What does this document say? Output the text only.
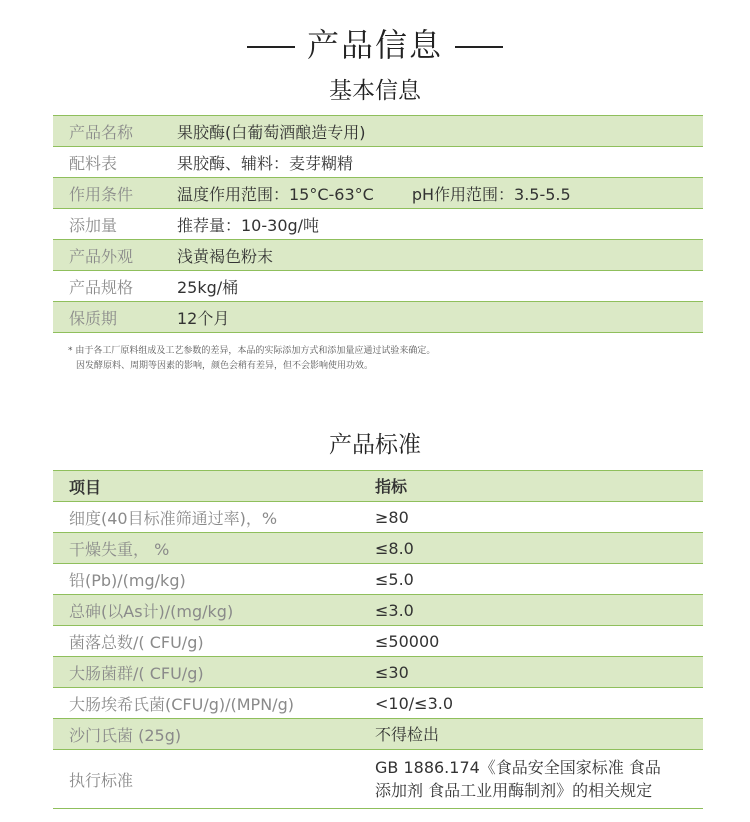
产品信息
基本信息
产品名称	果胶酶(白葡萄酒酿造专用)
配料表	果胶酶、辅料：麦芽糊精
作用条件	温度作用范围：15°C-63°C pH作用范围：3.5-5.5
添加量	推荐量：10-30g/吨
产品外观	浅黄褐色粉末
产品规格	25kg/桶
保质期	12个月
* 由于各工厂原料组成及工艺参数的差异，本品的实际添加方式和添加量应通过试验来确定。
因发酵原料、周期等因素的影响，颜色会稍有差异，但不会影响使用功效。
产品标准
项目	指标
细度(40目标准筛通过率)，%	≥80
干燥失重， %	≤8.0
铅(Pb)/(mg/kg)	≤5.0
总砷(以As计)/(mg/kg)	≤3.0
菌落总数/( CFU/g)	≤50000
大肠菌群/( CFU/g)	≤30
大肠埃希氏菌(CFU/g)/(MPN/g)	<10/≤3.0
沙门氏菌 (25g)	不得检出
执行标准	GB 1886.174《食品安全国家标准 食品
添加剂 食品工业用酶制剂》的相关规定
